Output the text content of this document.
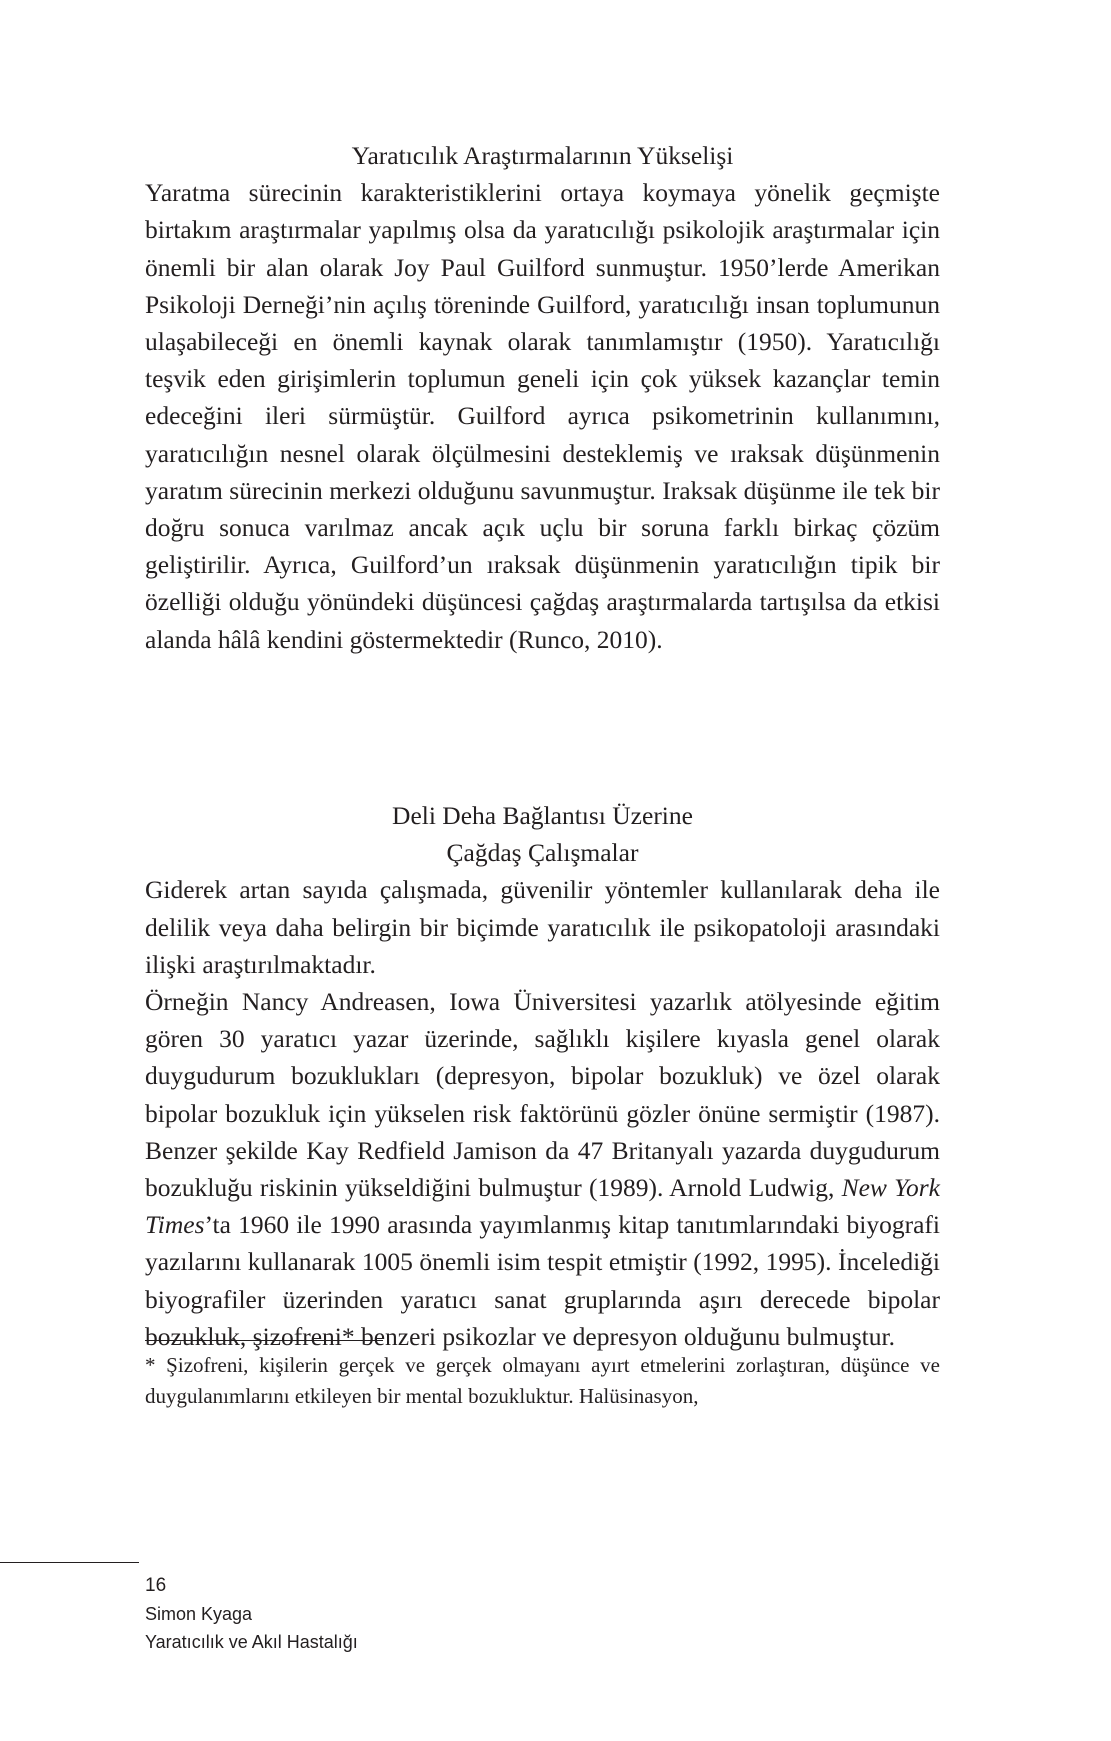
Yaratıcılık Araştırmalarının Yükselişi

Yaratma sürecinin karakteristiklerini ortaya koymaya yönelik geçmişte birtakım araştırmalar yapılmış olsa da yaratıcılığı psikolojik araştırmalar için önemli bir alan olarak Joy Paul Guilford sunmuştur. 1950’lerde Amerikan Psikoloji Derneği’nin açılış töreninde Guilford, yaratıcılığı insan toplumunun ulaşabileceği en önemli kaynak olarak tanımlamıştır (1950). Yaratıcılığı teşvik eden girişimlerin toplumun geneli için çok yüksek kazançlar temin edeceğini ileri sürmüştür. Guilford ayrıca psikometrinin kullanımını, yaratıcılığın nesnel olarak ölçülmesini desteklemiş ve ıraksak düşünmenin yaratım sürecinin merkezi olduğunu savunmuştur. Iraksak düşünme ile tek bir doğru sonuca varılmaz ancak açık uçlu bir soruna farklı birkaç çözüm geliştirilir. Ayrıca, Guilford’un ıraksak düşünmenin yaratıcılığın tipik bir özelliği olduğu yönündeki düşüncesi çağdaş araştırmalarda tartışılsa da etkisi alanda hâlâ kendini göstermektedir (Runco, 2010).

Deli Deha Bağlantısı Üzerine
Çağdaş Çalışmalar

Giderek artan sayıda çalışmada, güvenilir yöntemler kullanılarak deha ile delilik veya daha belirgin bir biçimde yaratıcılık ile psikopatoloji arasındaki ilişki araştırılmaktadır.

Örneğin Nancy Andreasen, Iowa Üniversitesi yazarlık atölyesinde eğitim gören 30 yaratıcı yazar üzerinde, sağlıklı kişilere kıyasla genel olarak duygudurum bozuklukları (depresyon, bipolar bozukluk) ve özel olarak bipolar bozukluk için yükselen risk faktörünü gözler önüne sermiştir (1987). Benzer şekilde Kay Redfield Jamison da 47 Britanyalı yazarda duygudurum bozukluğu riskinin yükseldiğini bulmuştur (1989). Arnold Ludwig, New York Times’ta 1960 ile 1990 arasında yayımlanmış kitap tanıtımlarındaki biyografi yazılarını kullanarak 1005 önemli isim tespit etmiştir (1992, 1995). İncelediği biyografiler üzerinden yaratıcı sanat gruplarında aşırı derecede bipolar bozukluk, şizofreni* benzeri psikozlar ve depresyon olduğunu bulmuştur.

* Şizofreni, kişilerin gerçek ve gerçek olmayanı ayırt etmelerini zorlaştıran, düşünce ve duygulanımlarını etkileyen bir mental bozukluktur. Halüsinasyon,

16
Simon Kyaga
Yaratıcılık ve Akıl Hastalığı
